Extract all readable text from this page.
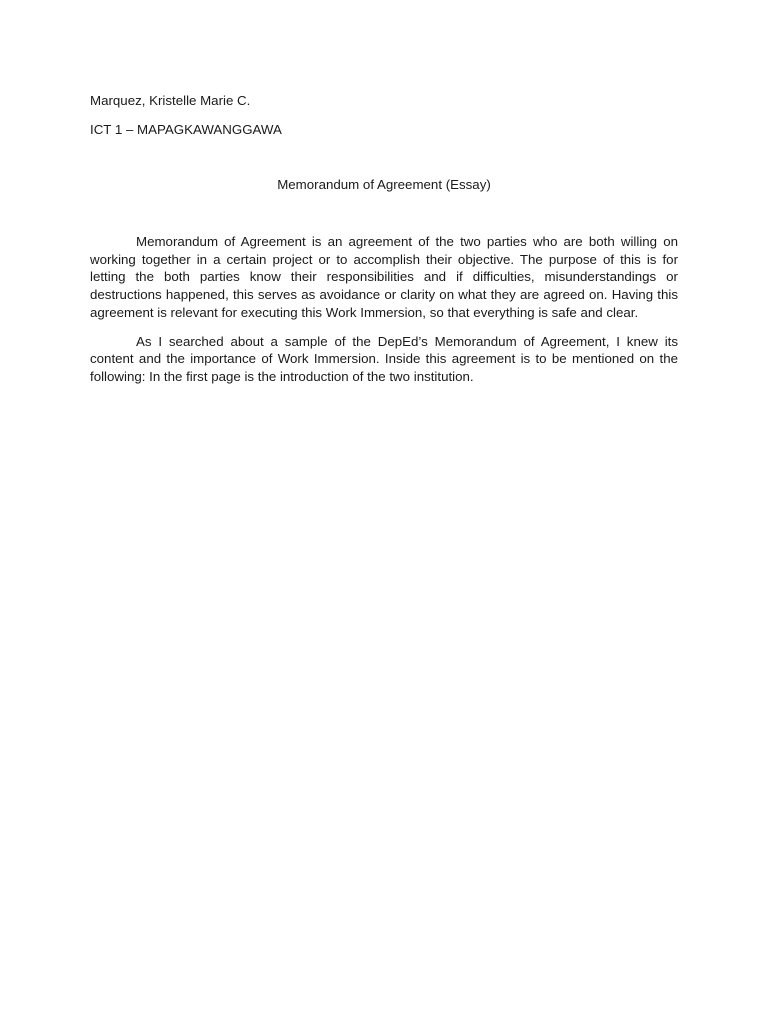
Marquez, Kristelle Marie C.
ICT 1 – MAPAGKAWANGGAWA
Memorandum of Agreement (Essay)

Memorandum of Agreement is an agreement of the two parties who are both willing on working together in a certain project or to accomplish their objective. The purpose of this is for letting the both parties know their responsibilities and if difficulties, misunderstandings or destructions happened, this serves as avoidance or clarity on what they are agreed on. Having this agreement is relevant for executing this Work Immersion, so that everything is safe and clear.

As I searched about a sample of the DepEd’s Memorandum of Agreement, I knew its content and the importance of Work Immersion. Inside this agreement is to be mentioned on the following: In the first page is the introduction of the two institution.
